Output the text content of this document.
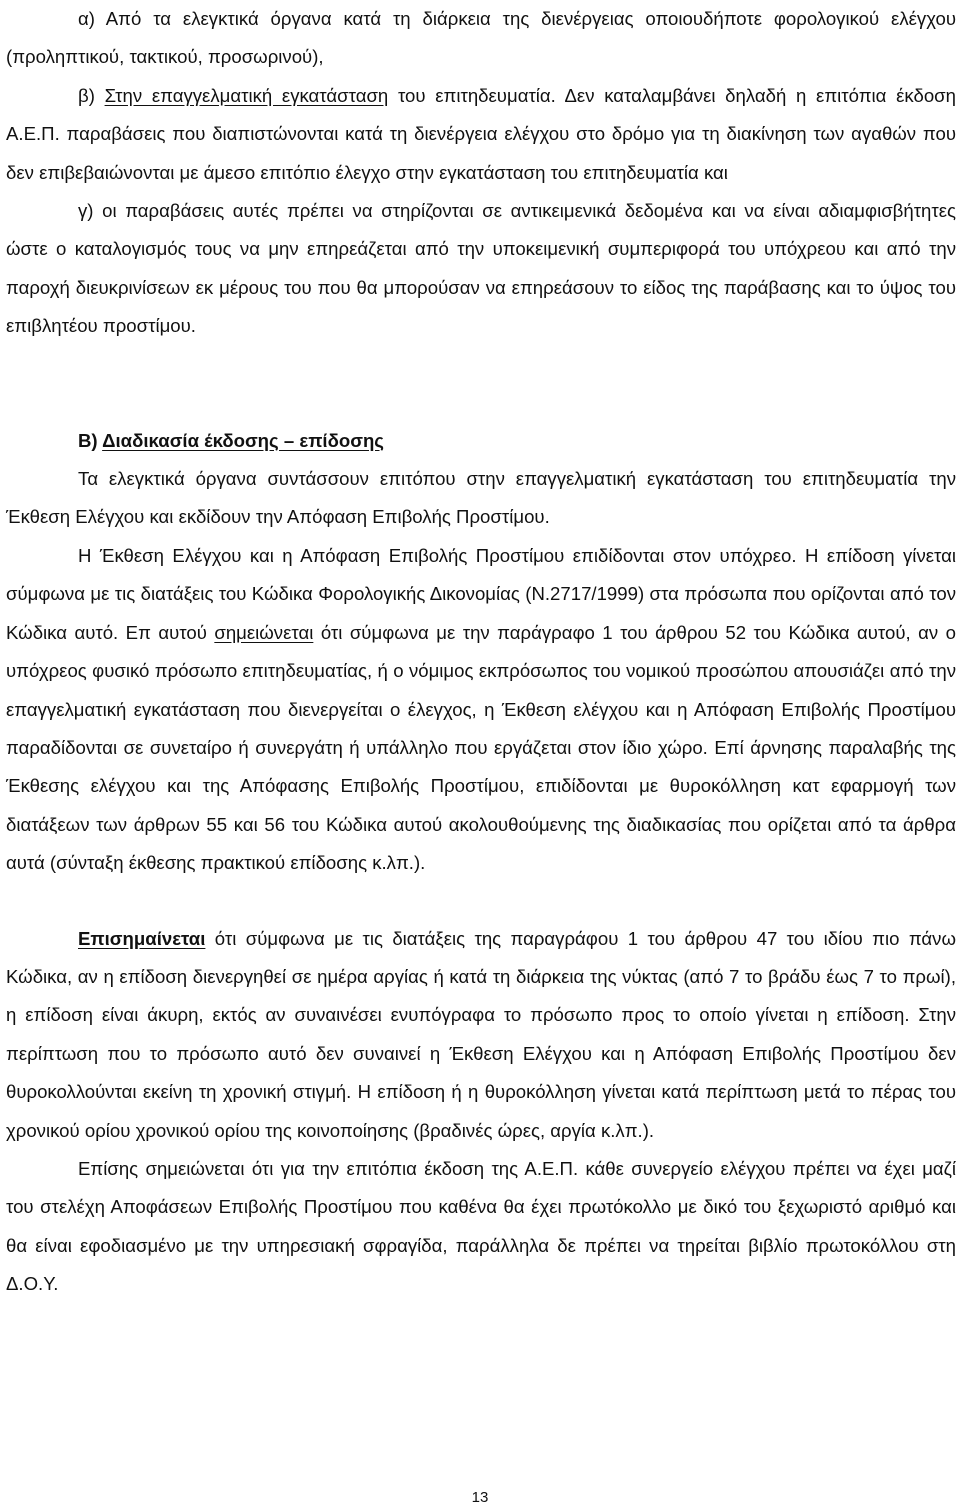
α) Από τα ελεγκτικά όργανα κατά τη διάρκεια της διενέργειας οποιουδήποτε φορολογικού ελέγχου (προληπτικού, τακτικού, προσωρινού),

β) Στην επαγγελματική εγκατάσταση του επιτηδευματία. Δεν καταλαμβάνει δηλαδή η επιτόπια έκδοση Α.Ε.Π. παραβάσεις που διαπιστώνονται κατά τη διενέργεια ελέγχου στο δρόμο για τη διακίνηση των αγαθών που δεν επιβεβαιώνονται με άμεσο επιτόπιο έλεγχο στην εγκατάσταση του επιτηδευματία και

γ) οι παραβάσεις αυτές πρέπει να στηρίζονται σε αντικειμενικά δεδομένα και να είναι αδιαμφισβήτητες ώστε ο καταλογισμός τους να μην επηρεάζεται από την υποκειμενική συμπεριφορά του υπόχρεου και από την παροχή διευκρινίσεων εκ μέρους του που θα μπορούσαν να επηρεάσουν το είδος της παράβασης και το ύψος του επιβλητέου προστίμου.

Β) Διαδικασία έκδοσης – επίδοσης

Τα ελεγκτικά όργανα συντάσσουν επιτόπου στην επαγγελματική εγκατάσταση του επιτηδευματία την Έκθεση Ελέγχου και εκδίδουν την Απόφαση Επιβολής Προστίμου.

Η Έκθεση Ελέγχου και η Απόφαση Επιβολής Προστίμου επιδίδονται στον υπόχρεο. Η επίδοση γίνεται σύμφωνα με τις διατάξεις του Κώδικα Φορολογικής Δικονομίας (Ν.2717/1999) στα πρόσωπα που ορίζονται από τον Κώδικα αυτό. Επ αυτού σημειώνεται ότι σύμφωνα με την παράγραφο 1 του άρθρου 52 του Κώδικα αυτού, αν ο υπόχρεος φυσικό πρόσωπο επιτηδευματίας, ή ο νόμιμος εκπρόσωπος του νομικού προσώπου απουσιάζει από την επαγγελματική εγκατάσταση που διενεργείται ο έλεγχος, η Έκθεση ελέγχου και η Απόφαση Επιβολής Προστίμου παραδίδονται σε συνεταίρο ή συνεργάτη ή υπάλληλο που εργάζεται στον ίδιο χώρο. Επί άρνησης παραλαβής της Έκθεσης ελέγχου και της Απόφασης Επιβολής Προστίμου, επιδίδονται με θυροκόλληση κατ εφαρμογή των διατάξεων των άρθρων 55 και 56 του Κώδικα αυτού ακολουθούμενης της διαδικασίας που ορίζεται από τα άρθρα αυτά (σύνταξη έκθεσης πρακτικού επίδοσης κ.λπ.).

Επισημαίνεται ότι σύμφωνα με τις διατάξεις της παραγράφου 1 του άρθρου 47 του ιδίου πιο πάνω Κώδικα, αν η επίδοση διενεργηθεί σε ημέρα αργίας ή κατά τη διάρκεια της νύκτας (από 7 το βράδυ έως 7 το πρωί), η επίδοση είναι άκυρη, εκτός αν συναινέσει ενυπόγραφα το πρόσωπο προς το οποίο γίνεται η επίδοση. Στην περίπτωση που το πρόσωπο αυτό δεν συναινεί η Έκθεση Ελέγχου και η Απόφαση Επιβολής Προστίμου δεν θυροκολλούνται εκείνη τη χρονική στιγμή. Η επίδοση ή η θυροκόλληση γίνεται κατά περίπτωση μετά το πέρας του χρονικού ορίου χρονικού ορίου της κοινοποίησης (βραδινές ώρες, αργία κ.λπ.).

Επίσης σημειώνεται ότι για την επιτόπια έκδοση της Α.Ε.Π. κάθε συνεργείο ελέγχου πρέπει να έχει μαζί του στελέχη Αποφάσεων Επιβολής Προστίμου που καθένα θα έχει πρωτόκολλο με δικό του ξεχωριστό αριθμό και θα είναι εφοδιασμένο με την υπηρεσιακή σφραγίδα, παράλληλα δε πρέπει να τηρείται βιβλίο πρωτοκόλλου στη Δ.Ο.Υ.

13
